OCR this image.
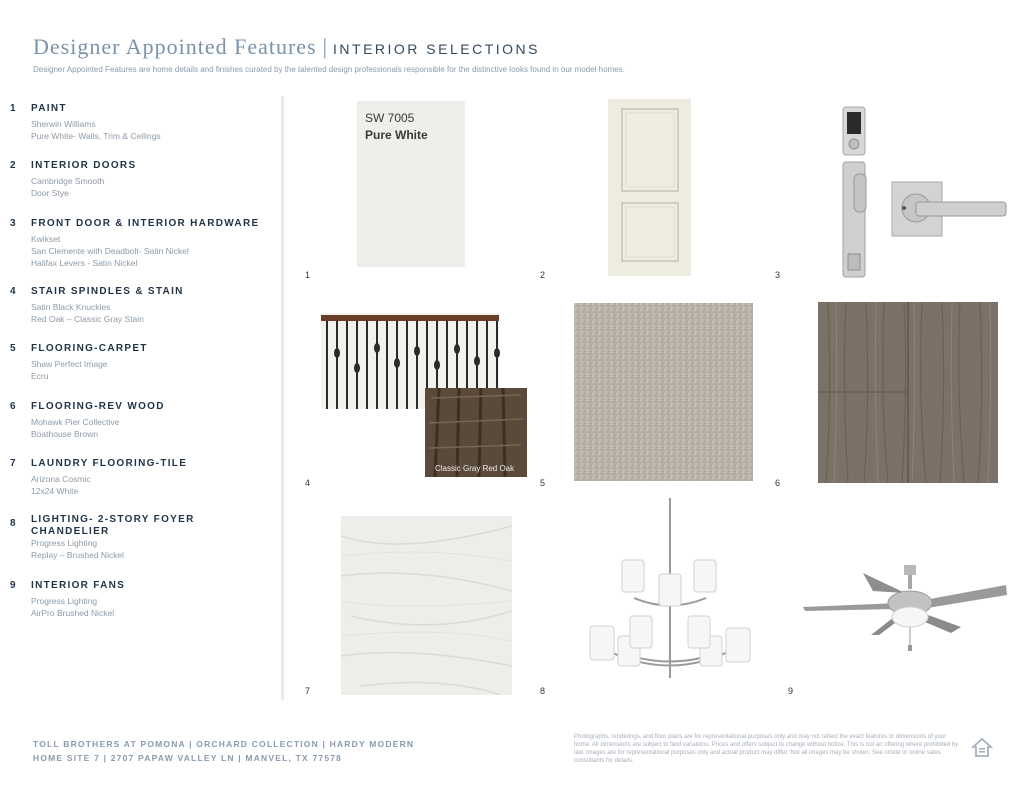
Designer Appointed Features | INTERIOR SELECTIONS
Designer Appointed Features are home details and finishes curated by the talented design professionals responsible for the distinctive looks found in our model homes.
1 PAINT
Sherwin Williams
Pure White- Walls, Trim & Ceilings
2 INTERIOR DOORS
Cambridge Smooth
Door Stye
3 FRONT DOOR & INTERIOR HARDWARE
Kwikset
San Clemente with Deadbolt- Satin Nickel
Halifax Levers - Satin Nickel
4 STAIR SPINDLES & STAIN
Satin Black Knuckles
Red Oak – Classic Gray Stain
5 FLOORING-CARPET
Shaw Perfect Image
Ecru
6 FLOORING-REV WOOD
Mohawk Pier Collective
Boathouse Brown
7 LAUNDRY FLOORING-TILE
Arizona Cosmic
12x24 White
8 LIGHTING- 2-STORY FOYER CHANDELIER
Progress Lighting
Replay – Brushed Nickel
9 INTERIOR FANS
Progress Lighting
AirPro Brushed Nickel
SW 7005
Pure White
1	2	3
Classic Gray Red Oak
4	5	6
7	8	9
TOLL BROTHERS AT POMONA | ORCHARD COLLECTION | HARDY MODERN
HOME SITE 7 | 2707 PAPAW VALLEY LN | MANVEL, TX 77578
Photographs, renderings, and floor plans are for representational purposes only and may not reflect the exact features or dimensions of your home. All dimensions are subject to field variations. Prices and offers subject to change without notice. This is not an offering where prohibited by law. Images are for representational purposes only and actual product may differ. Not all images may be shown. See onsite or online sales consultants for details.
